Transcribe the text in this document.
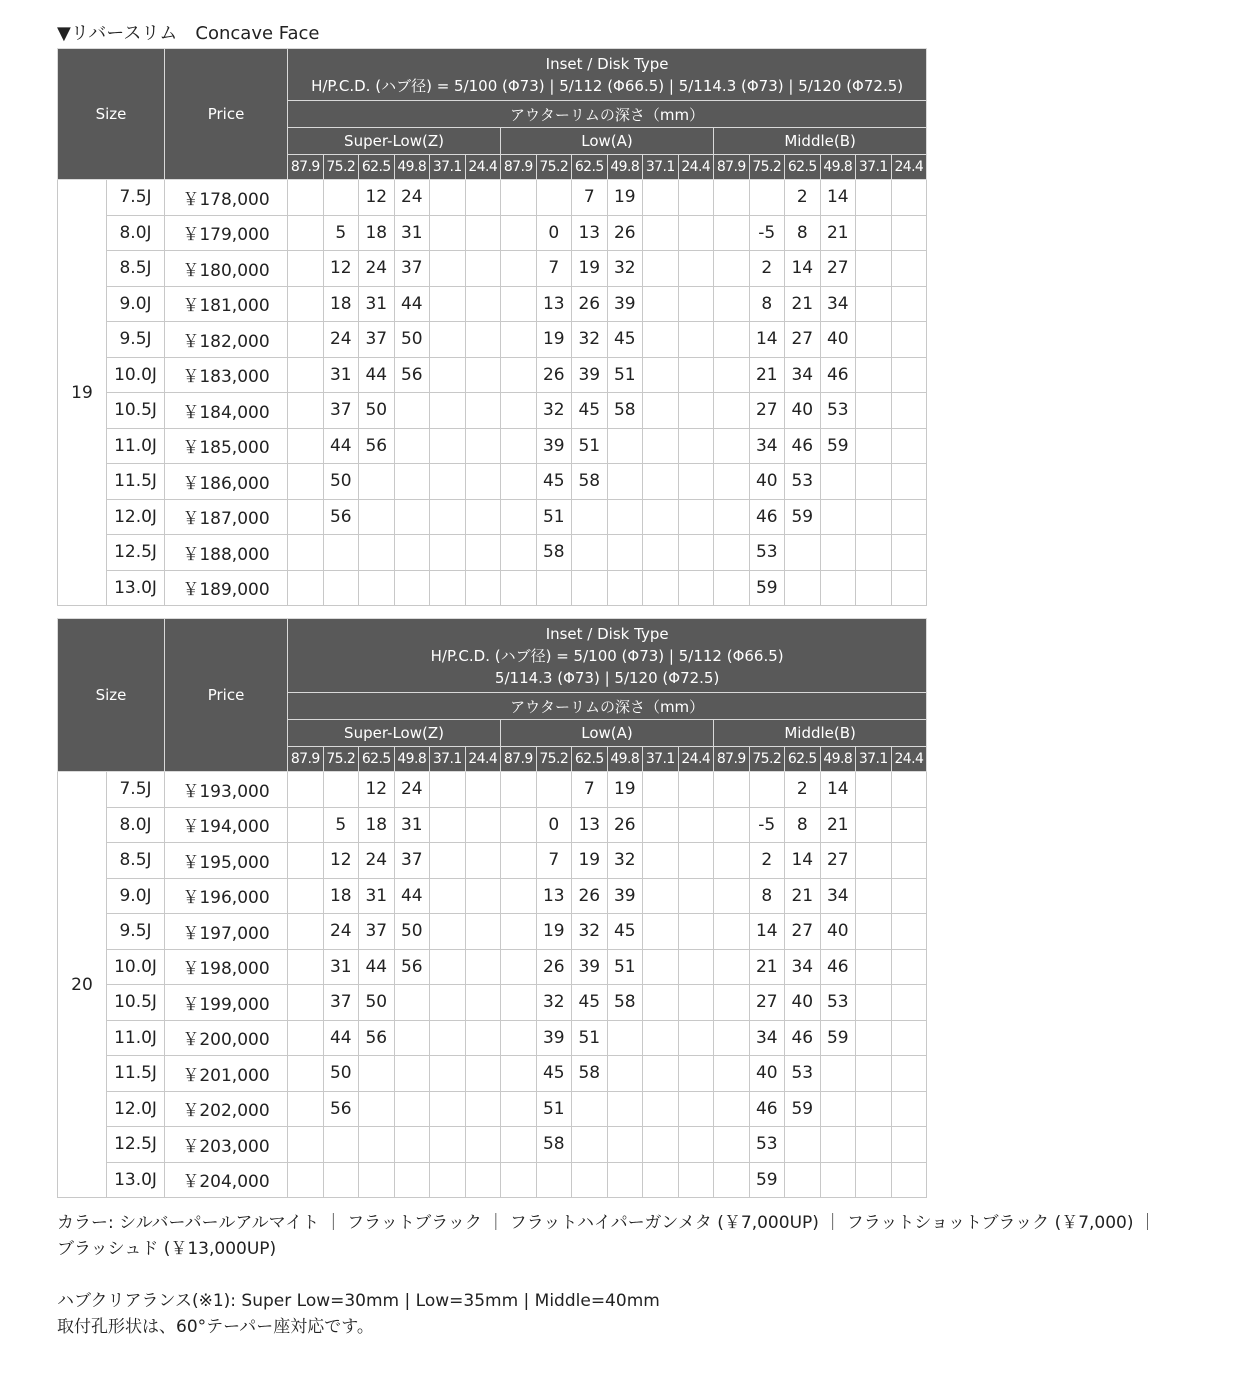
▼リバースリム　Concave Face
Size		Price	Inset / Disk Type
H/P.C.D. (ハブ径) = 5/100 (Φ73) | 5/112 (Φ66.5) | 5/114.3 (Φ73) | 5/120 (Φ72.5)																	

			アウターリムの深さ（mm）																	
			Super-Low(Z)						Low(A)						Middle(B)					
			87.9	75.2	62.5	49.8	37.1	24.4	87.9	75.2	62.5	49.8	37.1	24.4	87.9	75.2	62.5	49.8	37.1	24.4
19	7.5J	￥178,000			12	24					7	19					2	14		
	8.0J	￥179,000		5	18	31				0	13	26				-5	8	21		
	8.5J	￥180,000		12	24	37				7	19	32				2	14	27		
	9.0J	￥181,000		18	31	44				13	26	39				8	21	34		
	9.5J	￥182,000		24	37	50				19	32	45				14	27	40		
	10.0J	￥183,000		31	44	56				26	39	51				21	34	46		
	10.5J	￥184,000		37	50					32	45	58				27	40	53		
	11.0J	￥185,000		44	56					39	51					34	46	59		
	11.5J	￥186,000		50						45	58					40	53			
	12.0J	￥187,000		56						51						46	59			
	12.5J	￥188,000								58						53				
	13.0J	￥189,000														59				
Size		Price	Inset / Disk Type
H/P.C.D. (ハブ径) = 5/100 (Φ73) | 5/112 (Φ66.5)
5/114.3 (Φ73) | 5/120 (Φ72.5)																	

			アウターリムの深さ（mm）																	
			Super-Low(Z)						Low(A)						Middle(B)					
			87.9	75.2	62.5	49.8	37.1	24.4	87.9	75.2	62.5	49.8	37.1	24.4	87.9	75.2	62.5	49.8	37.1	24.4
20	7.5J	￥193,000			12	24					7	19					2	14		
	8.0J	￥194,000		5	18	31				0	13	26				-5	8	21		
	8.5J	￥195,000		12	24	37				7	19	32				2	14	27		
	9.0J	￥196,000		18	31	44				13	26	39				8	21	34		
	9.5J	￥197,000		24	37	50				19	32	45				14	27	40		
	10.0J	￥198,000		31	44	56				26	39	51				21	34	46		
	10.5J	￥199,000		37	50					32	45	58				27	40	53		
	11.0J	￥200,000		44	56					39	51					34	46	59		
	11.5J	￥201,000		50						45	58					40	53			
	12.0J	￥202,000		56						51						46	59			
	12.5J	￥203,000								58						53				
	13.0J	￥204,000														59				

カラー: シルバーパールアルマイト ｜ フラットブラック ｜ フラットハイパーガンメタ (￥7,000UP) ｜ フラットショットブラック (￥7,000) ｜

ブラッシュド (￥13,000UP)

ハブクリアランス(※1): Super Low=30mm | Low=35mm | Middle=40mm

取付孔形状は、60°テーパー座対応です。
